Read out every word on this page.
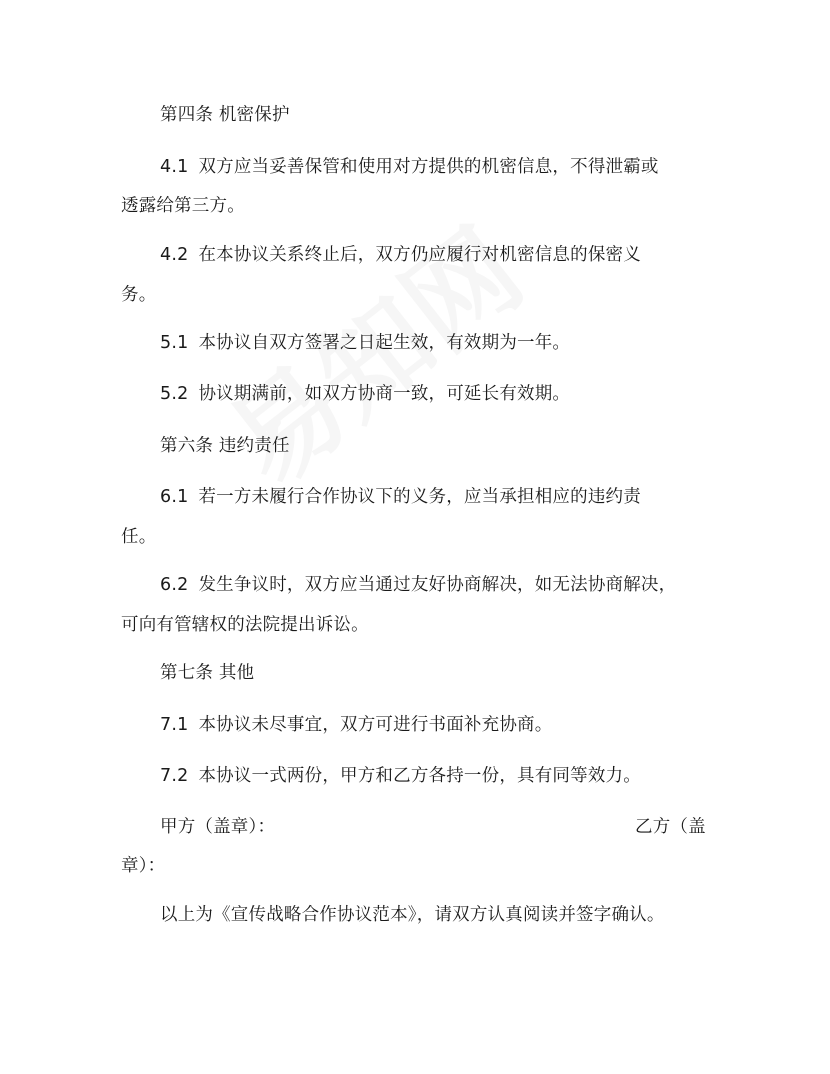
第四条 机密保护
4.1 双方应当妥善保管和使用对方提供的机密信息，不得泄霸或
透露给第三方。
4.2 在本协议关系终止后，双方仍应履行对机密信息的保密义
务。
5.1 本协议自双方签署之日起生效，有效期为一年。
5.2 协议期满前，如双方协商一致，可延长有效期。
第六条 违约责任
6.1 若一方未履行合作协议下的义务，应当承担相应的违约责
任。
6.2 发生争议时，双方应当通过友好协商解决，如无法协商解决，
可向有管辖权的法院提出诉讼。
第七条 其他
7.1 本协议未尽事宜，双方可进行书面补充协商。
7.2 本协议一式两份，甲方和乙方各持一份，具有同等效力。
甲方（盖章）：	乙方（盖
章）：
以上为《宣传战略合作协议范本》，请双方认真阅读并签字确认。
